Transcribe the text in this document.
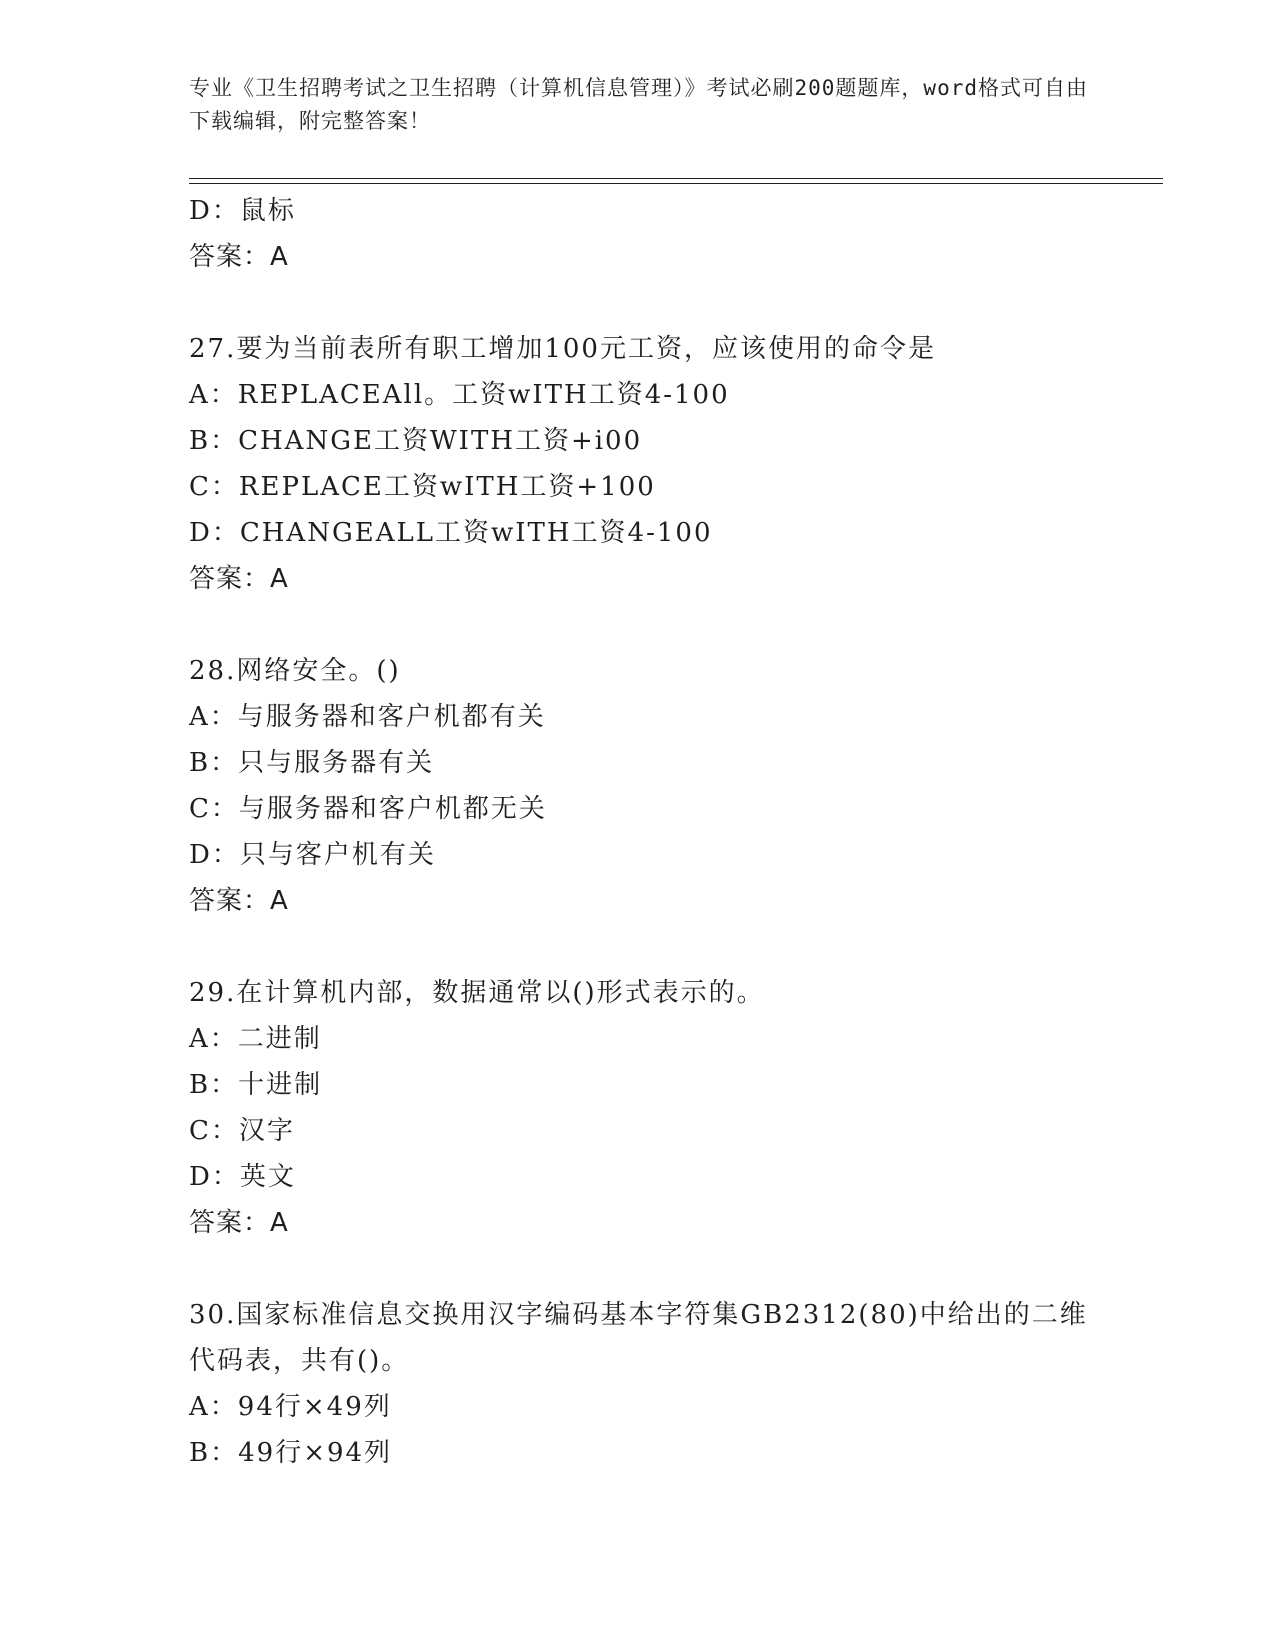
专业《卫生招聘考试之卫生招聘（计算机信息管理）》考试必刷200题题库，word格式可自由下载编辑，附完整答案！
D：鼠标
答案：A
27.要为当前表所有职工增加100元工资，应该使用的命令是
A：REPLACEAll。工资wITH工资4-100
B：CHANGE工资WITH工资+i00
C：REPLACE工资wITH工资+100
D：CHANGEALL工资wITH工资4-100
答案：A
28.网络安全。()
A：与服务器和客户机都有关
B：只与服务器有关
C：与服务器和客户机都无关
D：只与客户机有关
答案：A
29.在计算机内部，数据通常以()形式表示的。
A：二进制
B：十进制
C：汉字
D：英文
答案：A
30.国家标准信息交换用汉字编码基本字符集GB2312(80)中给出的二维代码表，共有()。
A：94行×49列
B：49行×94列
